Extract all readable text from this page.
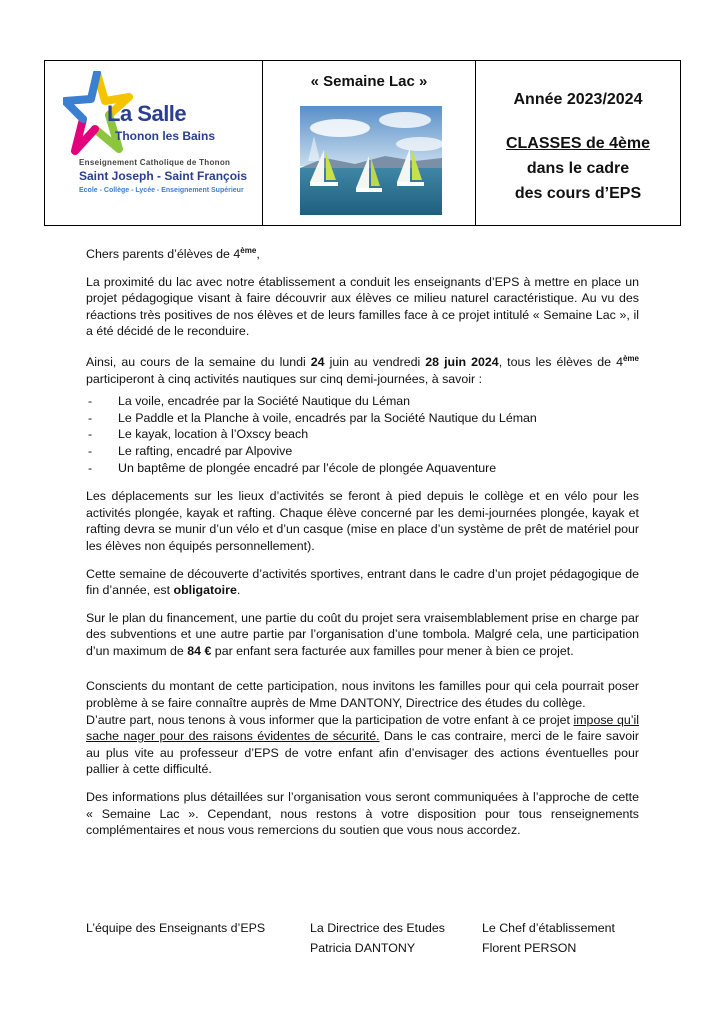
La Salle
Thonon les Bains
Enseignement Catholique de Thonon
Saint Joseph - Saint François
Ecole - Collège - Lycée - Enseignement Supérieur
« Semaine Lac »
Année 2023/2024
CLASSES de 4ème
dans le cadre
des cours d’EPS

Chers parents d’élèves de 4ème,

La proximité du lac avec notre établissement a conduit les enseignants d’EPS à mettre en place un projet pédagogique visant à faire découvrir aux élèves ce milieu naturel caractéristique. Au vu des réactions très positives de nos élèves et de leurs familles face à ce projet intitulé « Semaine Lac », il a été décidé de le reconduire.

Ainsi, au cours de la semaine du lundi 24 juin au vendredi 28 juin 2024, tous les élèves de 4ème participeront à cinq activités nautiques sur cinq demi-journées, à savoir :

- La voile, encadrée par la Société Nautique du Léman
- Le Paddle et la Planche à voile, encadrés par la Société Nautique du Léman
- Le kayak, location à l’Oxscy beach
- Le rafting, encadré par Alpovive
- Un baptême de plongée encadré par l’école de plongée Aquaventure

Les déplacements sur les lieux d’activités se feront à pied depuis le collège et en vélo pour les activités plongée, kayak et rafting. Chaque élève concerné par les demi-journées plongée, kayak et rafting devra se munir d’un vélo et d’un casque (mise en place d’un système de prêt de matériel pour les élèves non équipés personnellement).

Cette semaine de découverte d’activités sportives, entrant dans le cadre d’un projet pédagogique de fin d’année, est obligatoire.

Sur le plan du financement, une partie du coût du projet sera vraisemblablement prise en charge par des subventions et une autre partie par l’organisation d’une tombola. Malgré cela, une participation d’un maximum de 84 € par enfant sera facturée aux familles pour mener à bien ce projet.

Conscients du montant de cette participation, nous invitons les familles pour qui cela pourrait poser problème à se faire connaître auprès de Mme DANTONY, Directrice des études du collège.

D’autre part, nous tenons à vous informer que la participation de votre enfant à ce projet impose qu’il sache nager pour des raisons évidentes de sécurité. Dans le cas contraire, merci de le faire savoir au plus vite au professeur d’EPS de votre enfant afin d’envisager des actions éventuelles pour pallier à cette difficulté.

Des informations plus détaillées sur l’organisation vous seront communiquées à l’approche de cette « Semaine Lac ». Cependant, nous restons à votre disposition pour tous renseignements complémentaires et nous vous remercions du soutien que vous nous accordez.

L’équipe des Enseignants d’EPS	La Directrice des Etudes
Patricia DANTONY
Le Chef d’établissement
Florent PERSON
